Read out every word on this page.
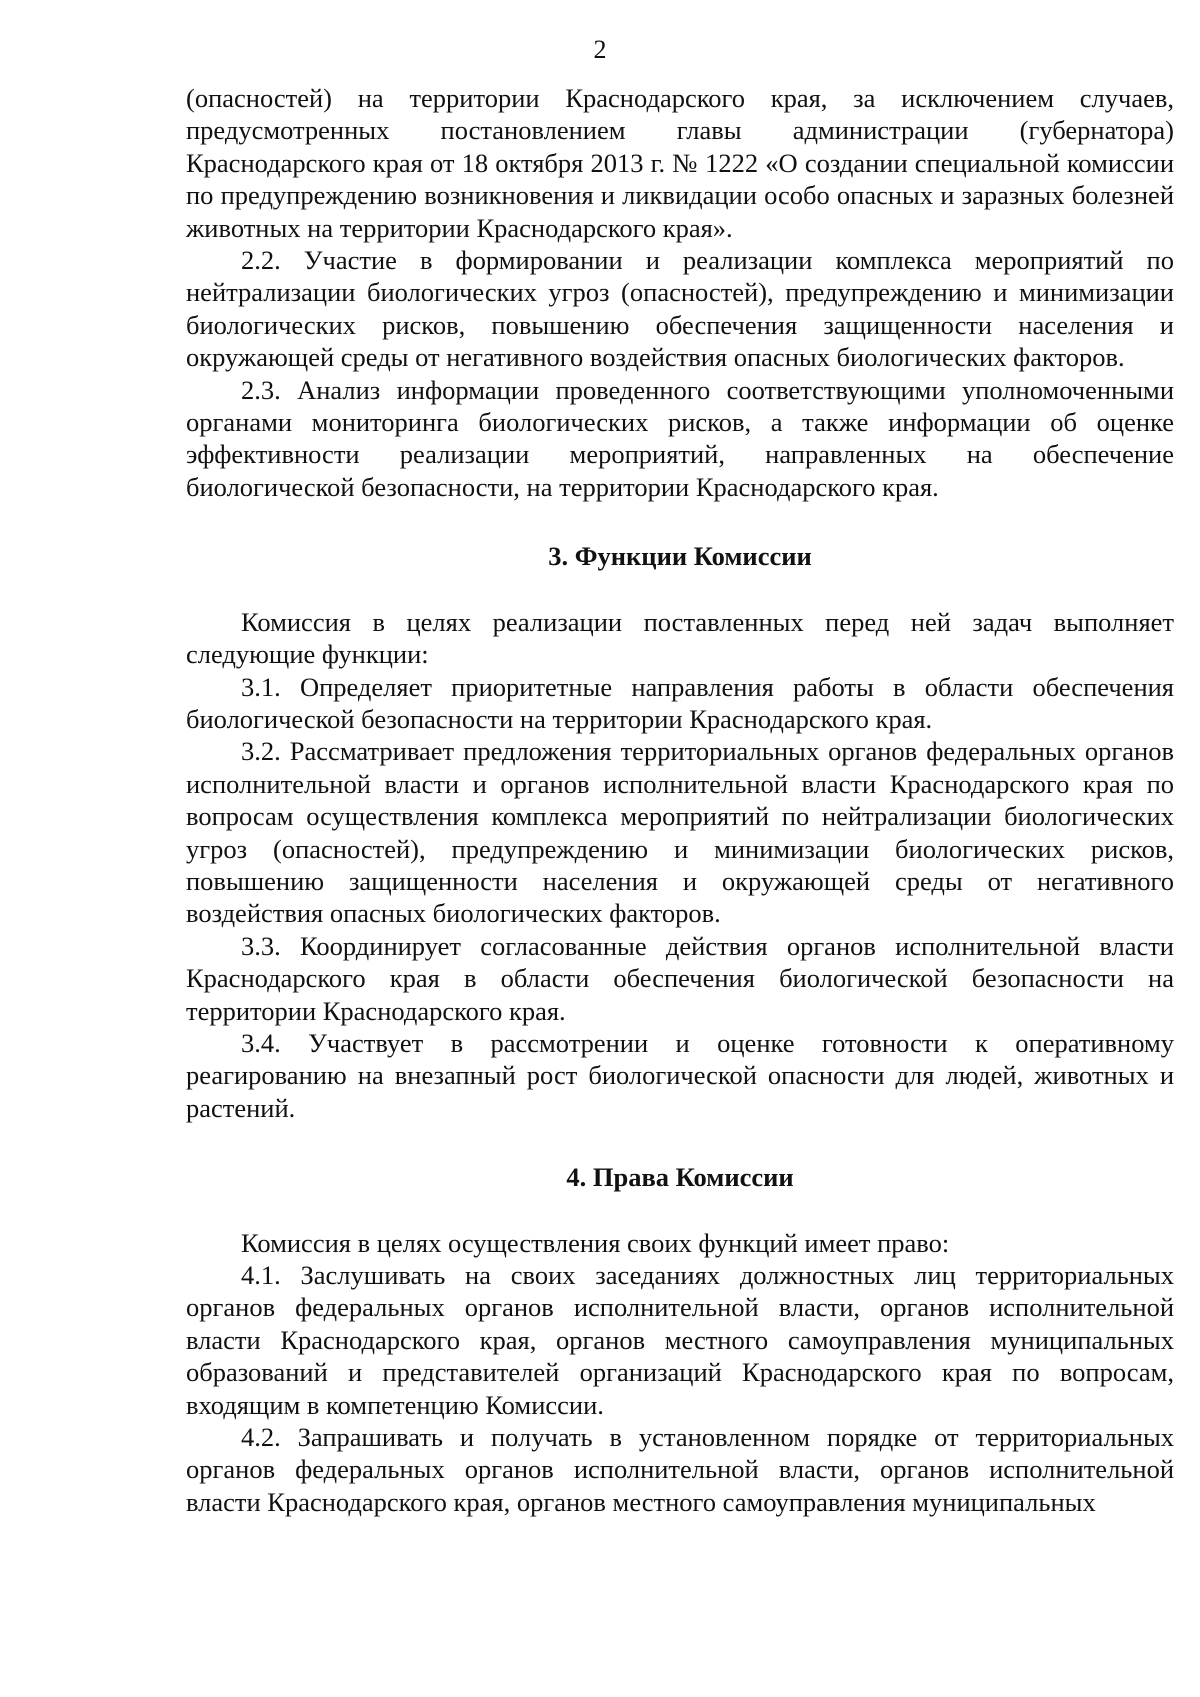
2

(опасностей) на территории Краснодарского края, за исключением случаев, предусмотренных постановлением главы администрации (губернатора) Краснодарского края от 18 октября 2013 г. № 1222 «О создании специальной комиссии по предупреждению возникновения и ликвидации особо опасных и заразных болезней животных на территории Краснодарского края».

2.2. Участие в формировании и реализации комплекса мероприятий по нейтрализации биологических угроз (опасностей), предупреждению и минимизации биологических рисков, повышению обеспечения защищенности населения и окружающей среды от негативного воздействия опасных биологических факторов.

2.3. Анализ информации проведенного соответствующими уполномоченными органами мониторинга биологических рисков, а также информации об оценке эффективности реализации мероприятий, направленных на обеспечение биологической безопасности, на территории Краснодарского края.

3. Функции Комиссии

Комиссия в целях реализации поставленных перед ней задач выполняет следующие функции:

3.1. Определяет приоритетные направления работы в области обеспечения биологической безопасности на территории Краснодарского края.

3.2. Рассматривает предложения территориальных органов федеральных органов исполнительной власти и органов исполнительной власти Краснодарского края по вопросам осуществления комплекса мероприятий по нейтрализации биологических угроз (опасностей), предупреждению и минимизации биологических рисков, повышению защищенности населения и окружающей среды от негативного воздействия опасных биологических факторов.

3.3. Координирует согласованные действия органов исполнительной власти Краснодарского края в области обеспечения биологической безопасности на территории Краснодарского края.

3.4. Участвует в рассмотрении и оценке готовности к оперативному реагированию на внезапный рост биологической опасности для людей, животных и растений.

4. Права Комиссии

Комиссия в целях осуществления своих функций имеет право:

4.1. Заслушивать на своих заседаниях должностных лиц территориальных органов федеральных органов исполнительной власти, органов исполнительной власти Краснодарского края, органов местного самоуправления муниципальных образований и представителей организаций Краснодарского края по вопросам, входящим в компетенцию Комиссии.

4.2. Запрашивать и получать в установленном порядке от территориальных органов федеральных органов исполнительной власти, органов исполнительной власти Краснодарского края, органов местного самоуправления муниципальных
